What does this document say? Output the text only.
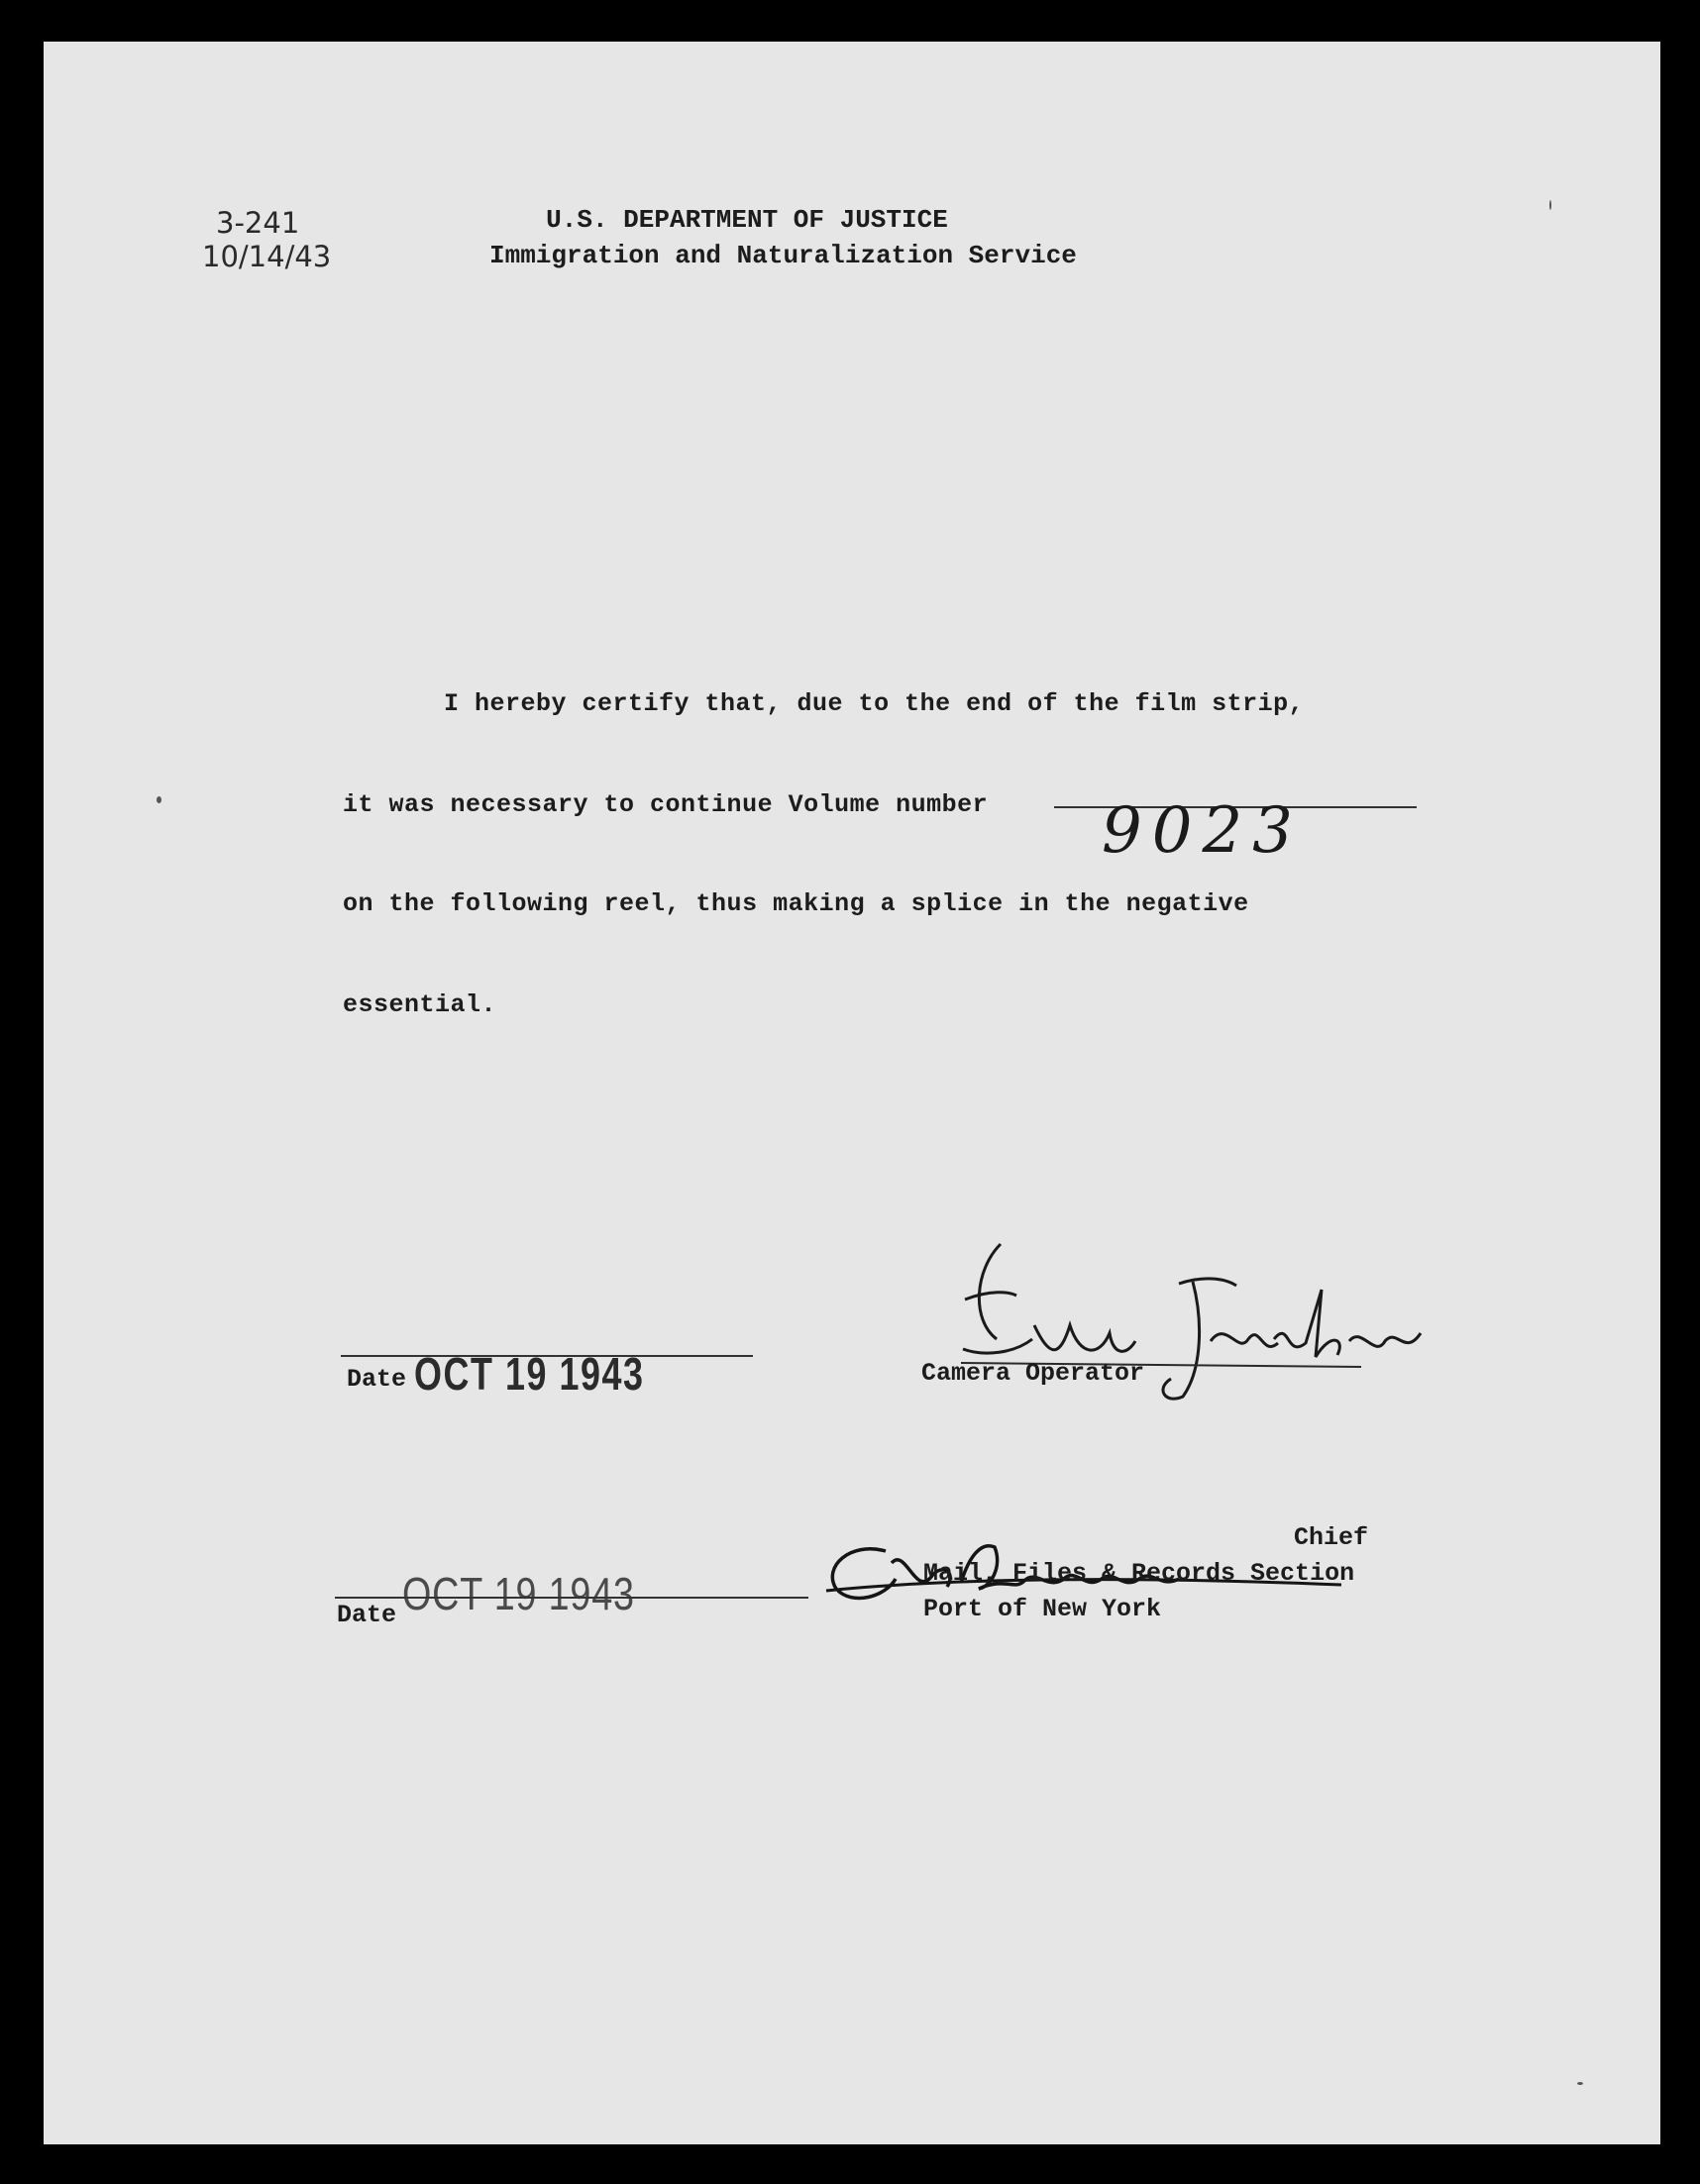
3-241
10/14/43
U.S. DEPARTMENT OF JUSTICE
Immigration and Naturalization Service
I hereby certify that, due to the end of the film strip,
it was necessary to continue Volume number 9023
on the following reel, thus making a splice in the negative
essential.
OCT 19 1943
Date	Camera Operator
OCT 19 1943
Date
Chief
Mail, Files & Records Section
Port of New York
